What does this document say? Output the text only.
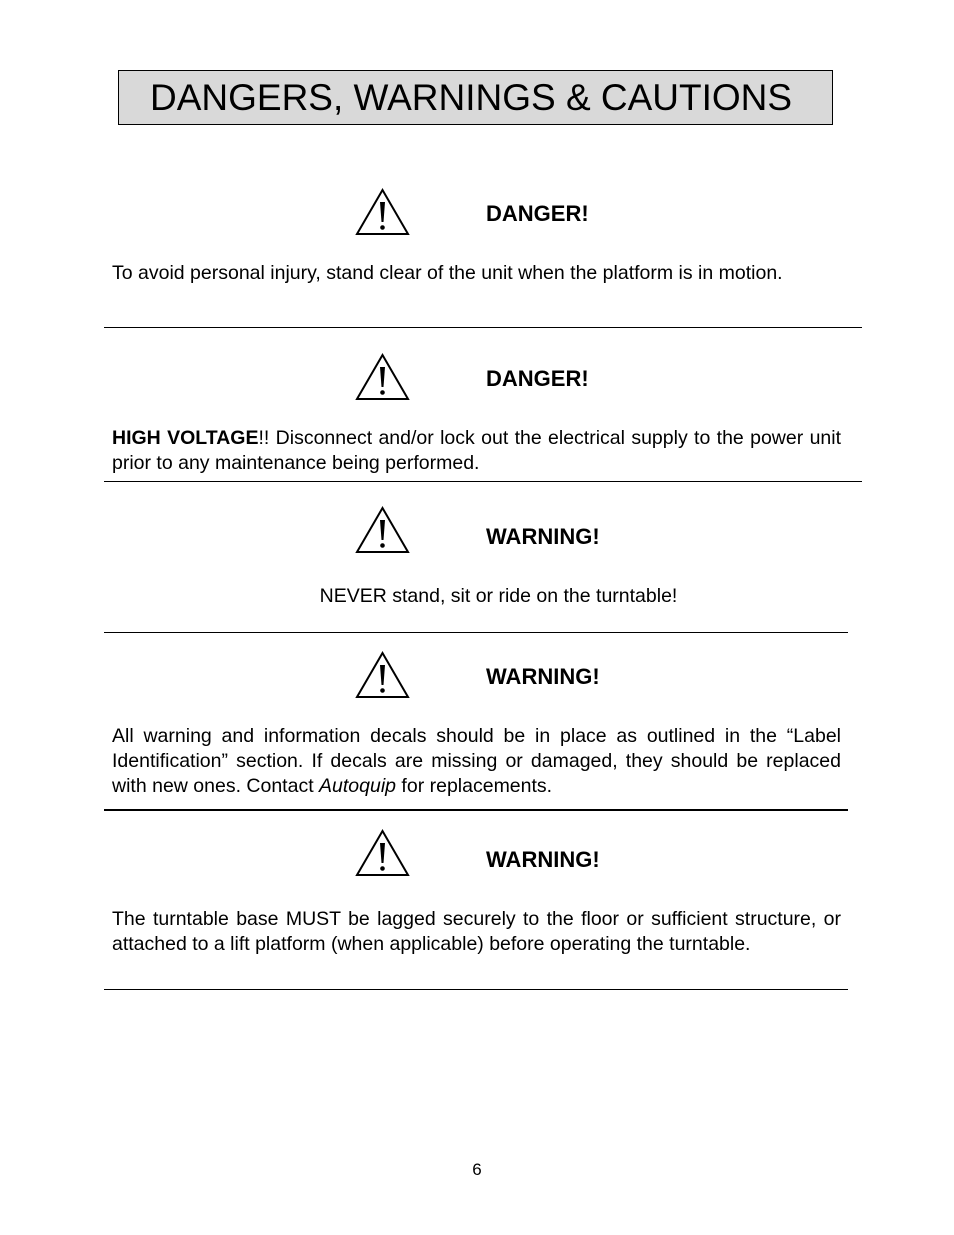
DANGERS, WARNINGS & CAUTIONS
DANGER!
To avoid personal injury, stand clear of the unit when the platform is in motion.
DANGER!
HIGH VOLTAGE!! Disconnect and/or lock out the electrical supply to the power unit prior to any maintenance being performed.
WARNING!
NEVER stand, sit or ride on the turntable!
WARNING!
All warning and information decals should be in place as outlined in the “Label Identification” section. If decals are missing or damaged, they should be replaced with new ones. Contact Autoquip for replacements.
WARNING!
The turntable base MUST be lagged securely to the floor or sufficient structure, or attached to a lift platform (when applicable) before operating the turntable.
6
